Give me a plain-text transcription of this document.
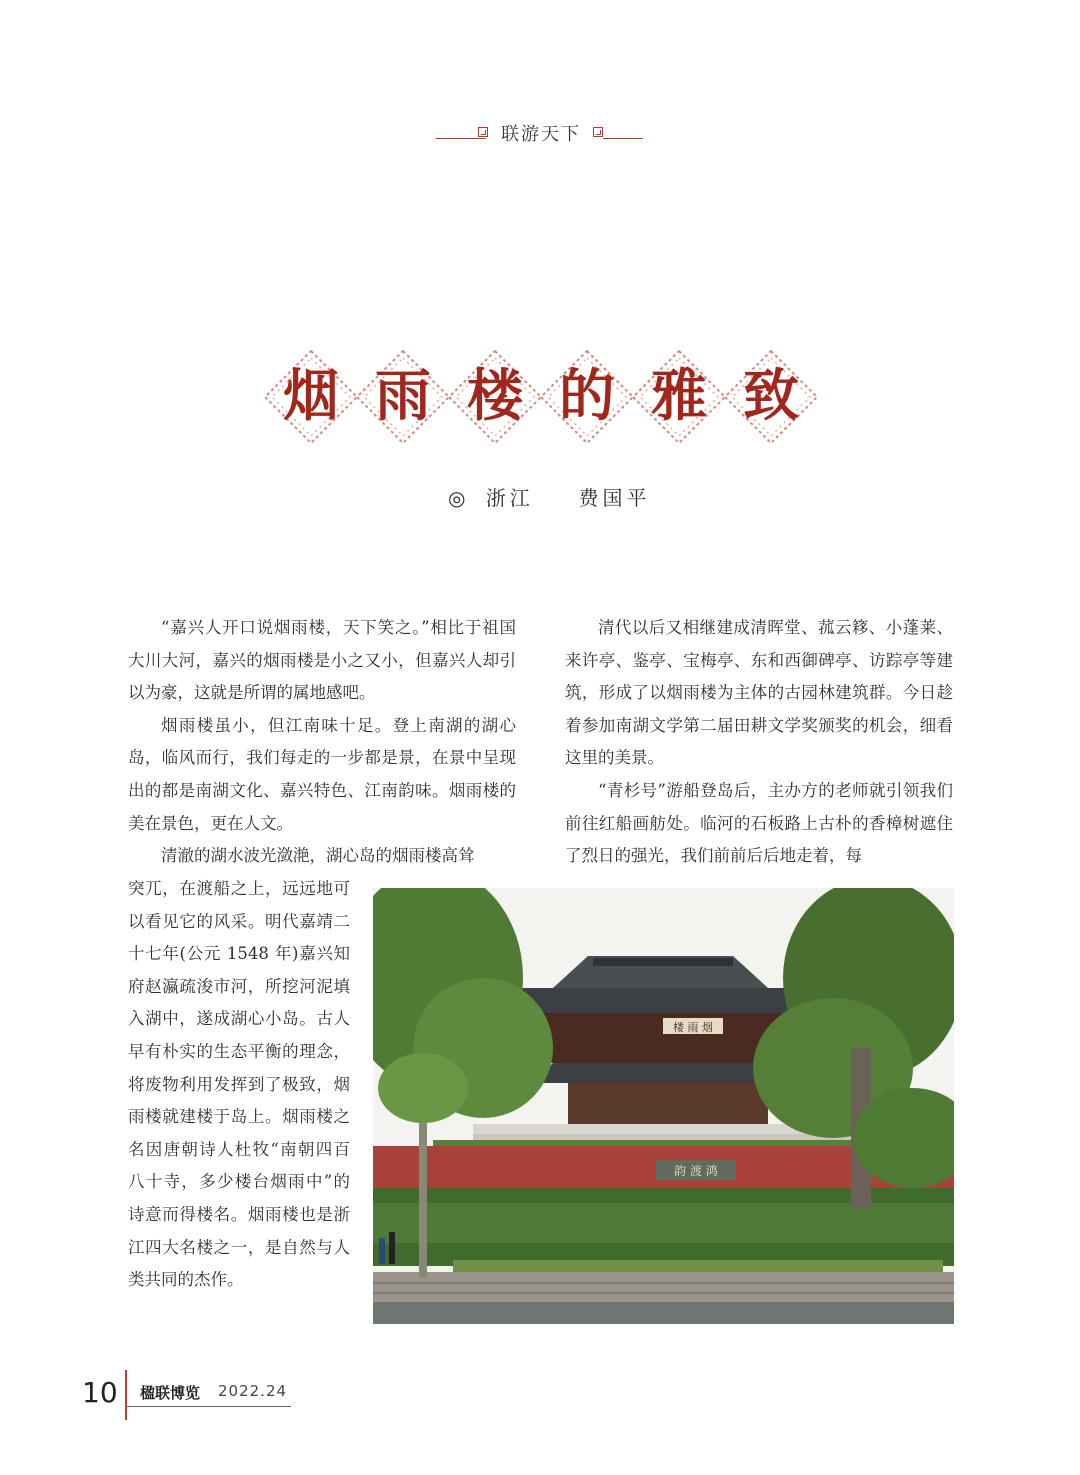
联游天下
烟 雨 楼 的 雅 致
◎ 浙江 费国平

“嘉兴人开口说烟雨楼，天下笑之。”相比于祖国大川大河，嘉兴的烟雨楼是小之又小，但嘉兴人却引以为豪，这就是所谓的属地感吧。

烟雨楼虽小，但江南味十足。登上南湖的湖心岛，临风而行，我们每走的一步都是景，在景中呈现出的都是南湖文化、嘉兴特色、江南韵味。烟雨楼的美在景色，更在人文。

清澈的湖水波光潋滟，湖心岛的烟雨楼高耸

突兀，在渡船之上，远远地可以看见它的风采。明代嘉靖二十七年(公元 1548 年)嘉兴知府赵瀛疏浚市河，所挖河泥填入湖中，遂成湖心小岛。古人早有朴实的生态平衡的理念，将废物利用发挥到了极致，烟雨楼就建楼于岛上。烟雨楼之名因唐朝诗人杜牧“南朝四百八十寺，多少楼台烟雨中”的诗意而得楼名。烟雨楼也是浙江四大名楼之一，是自然与人类共同的杰作。

清代以后又相继建成清晖堂、菰云簃、小蓬莱、来许亭、鉴亭、宝梅亭、东和西御碑亭、访踪亭等建筑，形成了以烟雨楼为主体的古园林建筑群。今日趁着参加南湖文学第二届田耕文学奖颁奖的机会，细看这里的美景。

“青杉号”游船登岛后，主办方的老师就引领我们前往红船画舫处。临河的石板路上古朴的香樟树遮住了烈日的强光，我们前前后后地走着，每

楼 雨 烟
韵 渡 鸿
10 楹联博览 2022.24
